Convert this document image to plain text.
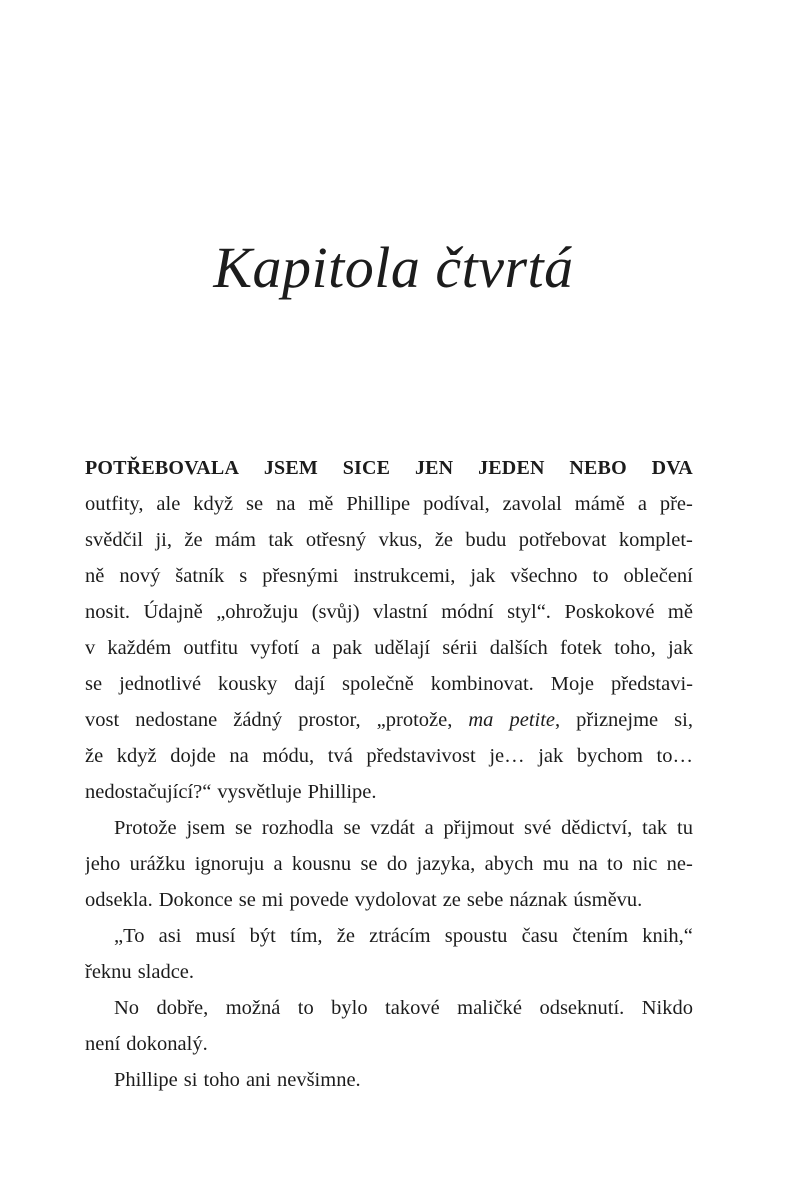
Kapitola čtvrtá
POTŘEBOVALA JSEM SICE JEN JEDEN NEBO DVA
outfity, ale když se na mě Phillipe podíval, zavolal mámě a pře-
svědčil ji, že mám tak otřesný vkus, že budu potřebovat komplet-
ně nový šatník s přesnými instrukcemi, jak všechno to oblečení
nosit. Údajně „ohrožuju (svůj) vlastní módní styl“. Poskokové mě
v každém outfitu vyfotí a pak udělají sérii dalších fotek toho, jak
se jednotlivé kousky dají společně kombinovat. Moje představi-
vost nedostane žádný prostor, „protože, ma petite, přiznejme si,
že když dojde na módu, tvá představivost je… jak bychom to…
nedostačující?“ vysvětluje Phillipe.
Protože jsem se rozhodla se vzdát a přijmout své dědictví, tak tu
jeho urážku ignoruju a kousnu se do jazyka, abych mu na to nic ne-
odsekla. Dokonce se mi povede vydolovat ze sebe náznak úsměvu.
„To asi musí být tím, že ztrácím spoustu času čtením knih,“
řeknu sladce.
No dobře, možná to bylo takové maličké odseknutí. Nikdo
není dokonalý.
Phillipe si toho ani nevšimne.
